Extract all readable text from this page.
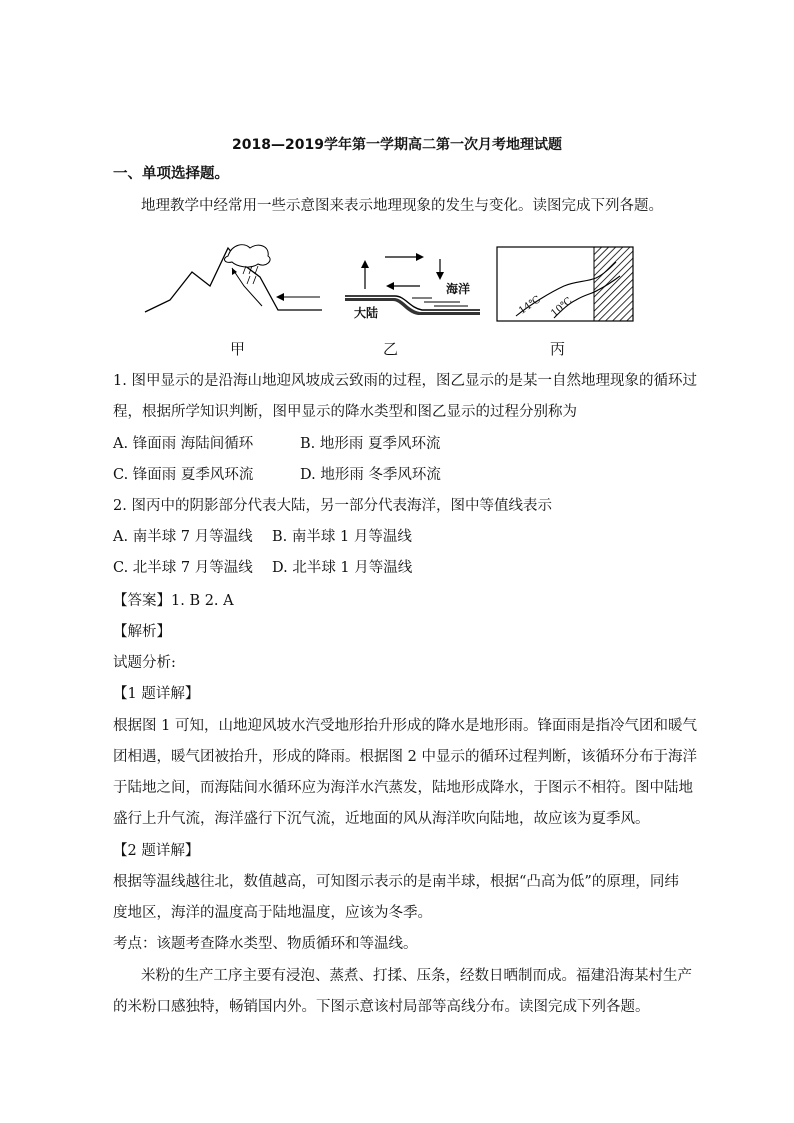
2018—2019学年第一学期高二第一次月考地理试题
一、单项选择题。
地理教学中经常用一些示意图来表示地理现象的发生与变化。读图完成下列各题。
甲
海洋
大陆
乙
14℃ 10℃
丙
1. 图甲显示的是沿海山地迎风坡成云致雨的过程，图乙显示的是某一自然地理现象的循环过
程，根据所学知识判断，图甲显示的降水类型和图乙显示的过程分别称为
A. 锋面雨 海陆间循环	B. 地形雨 夏季风环流
C. 锋面雨 夏季风环流	D. 地形雨 冬季风环流
2. 图丙中的阴影部分代表大陆，另一部分代表海洋，图中等值线表示
A. 南半球 7 月等温线 B. 南半球 1 月等温线
C. 北半球 7 月等温线 D. 北半球 1 月等温线
【答案】1. B 2. A
【解析】
试题分析:
【1 题详解】
根据图 1 可知，山地迎风坡水汽受地形抬升形成的降水是地形雨。锋面雨是指冷气团和暖气
团相遇，暖气团被抬升，形成的降雨。根据图 2 中显示的循环过程判断，该循环分布于海洋
于陆地之间，而海陆间水循环应为海洋水汽蒸发，陆地形成降水，于图示不相符。图中陆地
盛行上升气流，海洋盛行下沉气流，近地面的风从海洋吹向陆地，故应该为夏季风。
【2 题详解】
根据等温线越往北，数值越高，可知图示表示的是南半球，根据“凸高为低”的原理，同纬
度地区，海洋的温度高于陆地温度，应该为冬季。
考点：该题考查降水类型、物质循环和等温线。
米粉的生产工序主要有浸泡、蒸煮、打揉、压条，经数日晒制而成。福建沿海某村生产
的米粉口感独特，畅销国内外。下图示意该村局部等高线分布。读图完成下列各题。
